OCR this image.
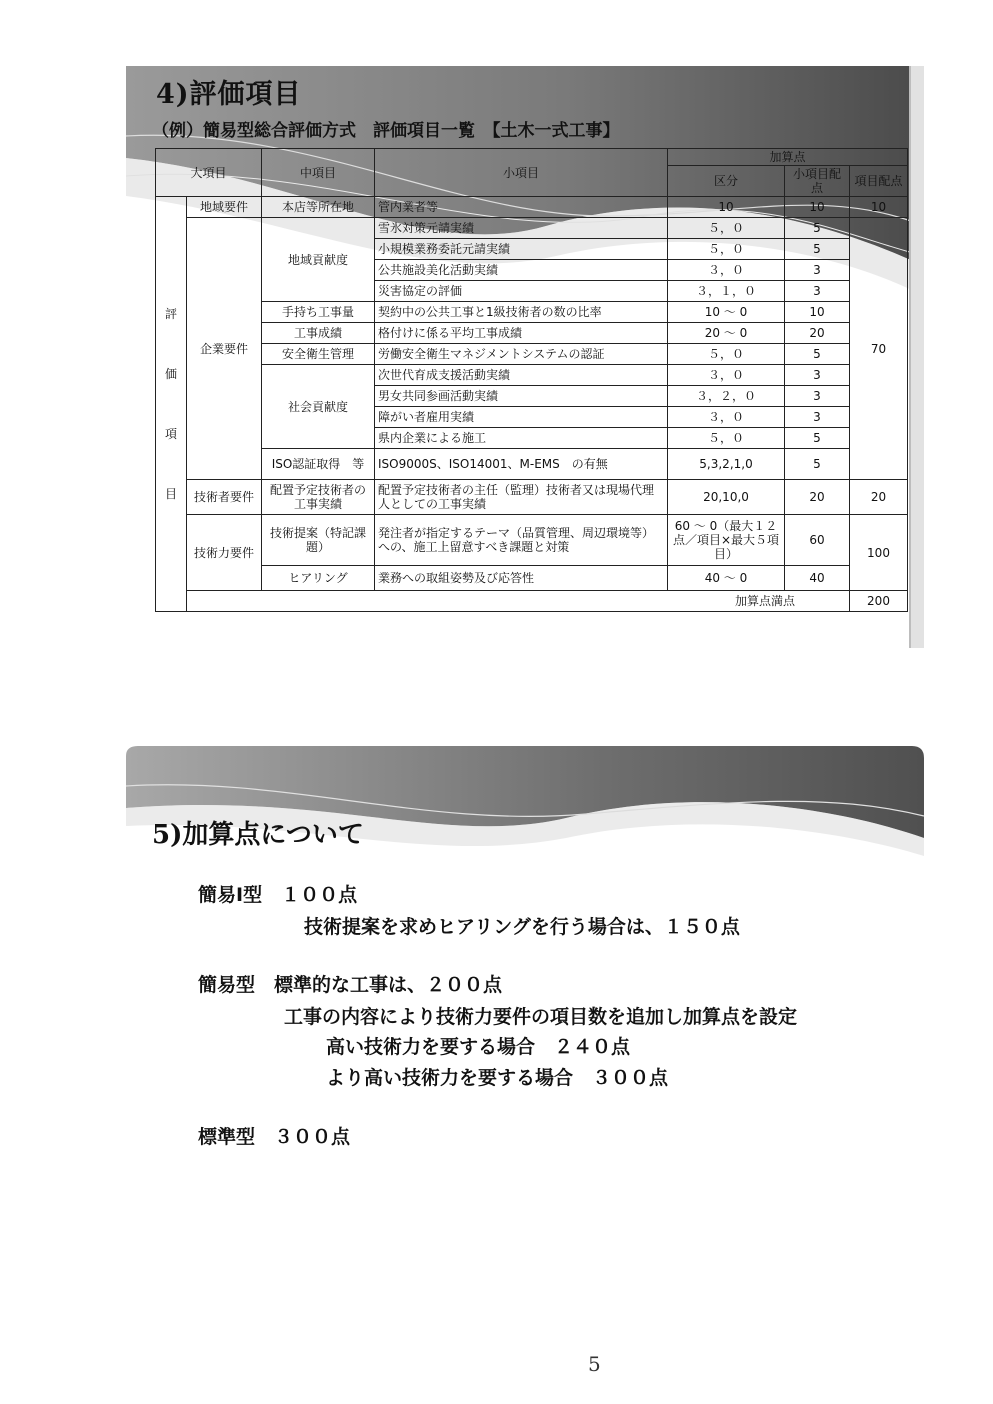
4)評価項目
（例）簡易型総合評価方式　評価項目一覧　【土木一式工事】
大項目		中項目	小項目	加算点		
				区分	小項目配点	項目配点

評
価
項
目	地域要件	本店等所在地	管内業者等	10	10	10
	企業要件	地域貢献度	雪氷対策元請実績	５，０	5	70
			小規模業務委託元請実績	５，０	5	
			公共施設美化活動実績	３，０	3	
			災害協定の評価	３，１，０	3	
		手持ち工事量	契約中の公共工事と1級技術者の数の比率	10 ～ 0	10	
		工事成績	格付けに係る平均工事成績	20 ～ 0	20	
		安全衛生管理	労働安全衛生マネジメントシステムの認証	５，０	5	
		社会貢献度	次世代育成支援活動実績	３，０	3	
			男女共同参画活動実績	３，２，０	3	
			障がい者雇用実績	３，０	3	
			県内企業による施工	５，０	5	
		ISO認証取得　等	ISO9000S、ISO14001、M-EMS　の有無	5,3,2,1,0	5	
	技術者要件	配置予定技術者の工事実績	配置予定技術者の主任（監理）技術者又は現場代理人としての工事実績	20,10,0	20	20
	技術力要件	技術提案（特記課題）	発注者が指定するテーマ（品質管理、周辺環境等）への、施工上留意すべき課題と対策	60 ～ 0（最大１２点／項目×最大５項目）	60	100
		ヒアリング	業務への取組姿勢及び応答性	40 ～ 0	40	
	加算点満点					200
5)加算点について
簡易Ⅰ型　１００点
技術提案を求めヒアリングを行う場合は、１５０点
簡易型　標準的な工事は、２００点
工事の内容により技術力要件の項目数を追加し加算点を設定
高い技術力を要する場合　２４０点
より高い技術力を要する場合　３００点
標準型　３００点
5
